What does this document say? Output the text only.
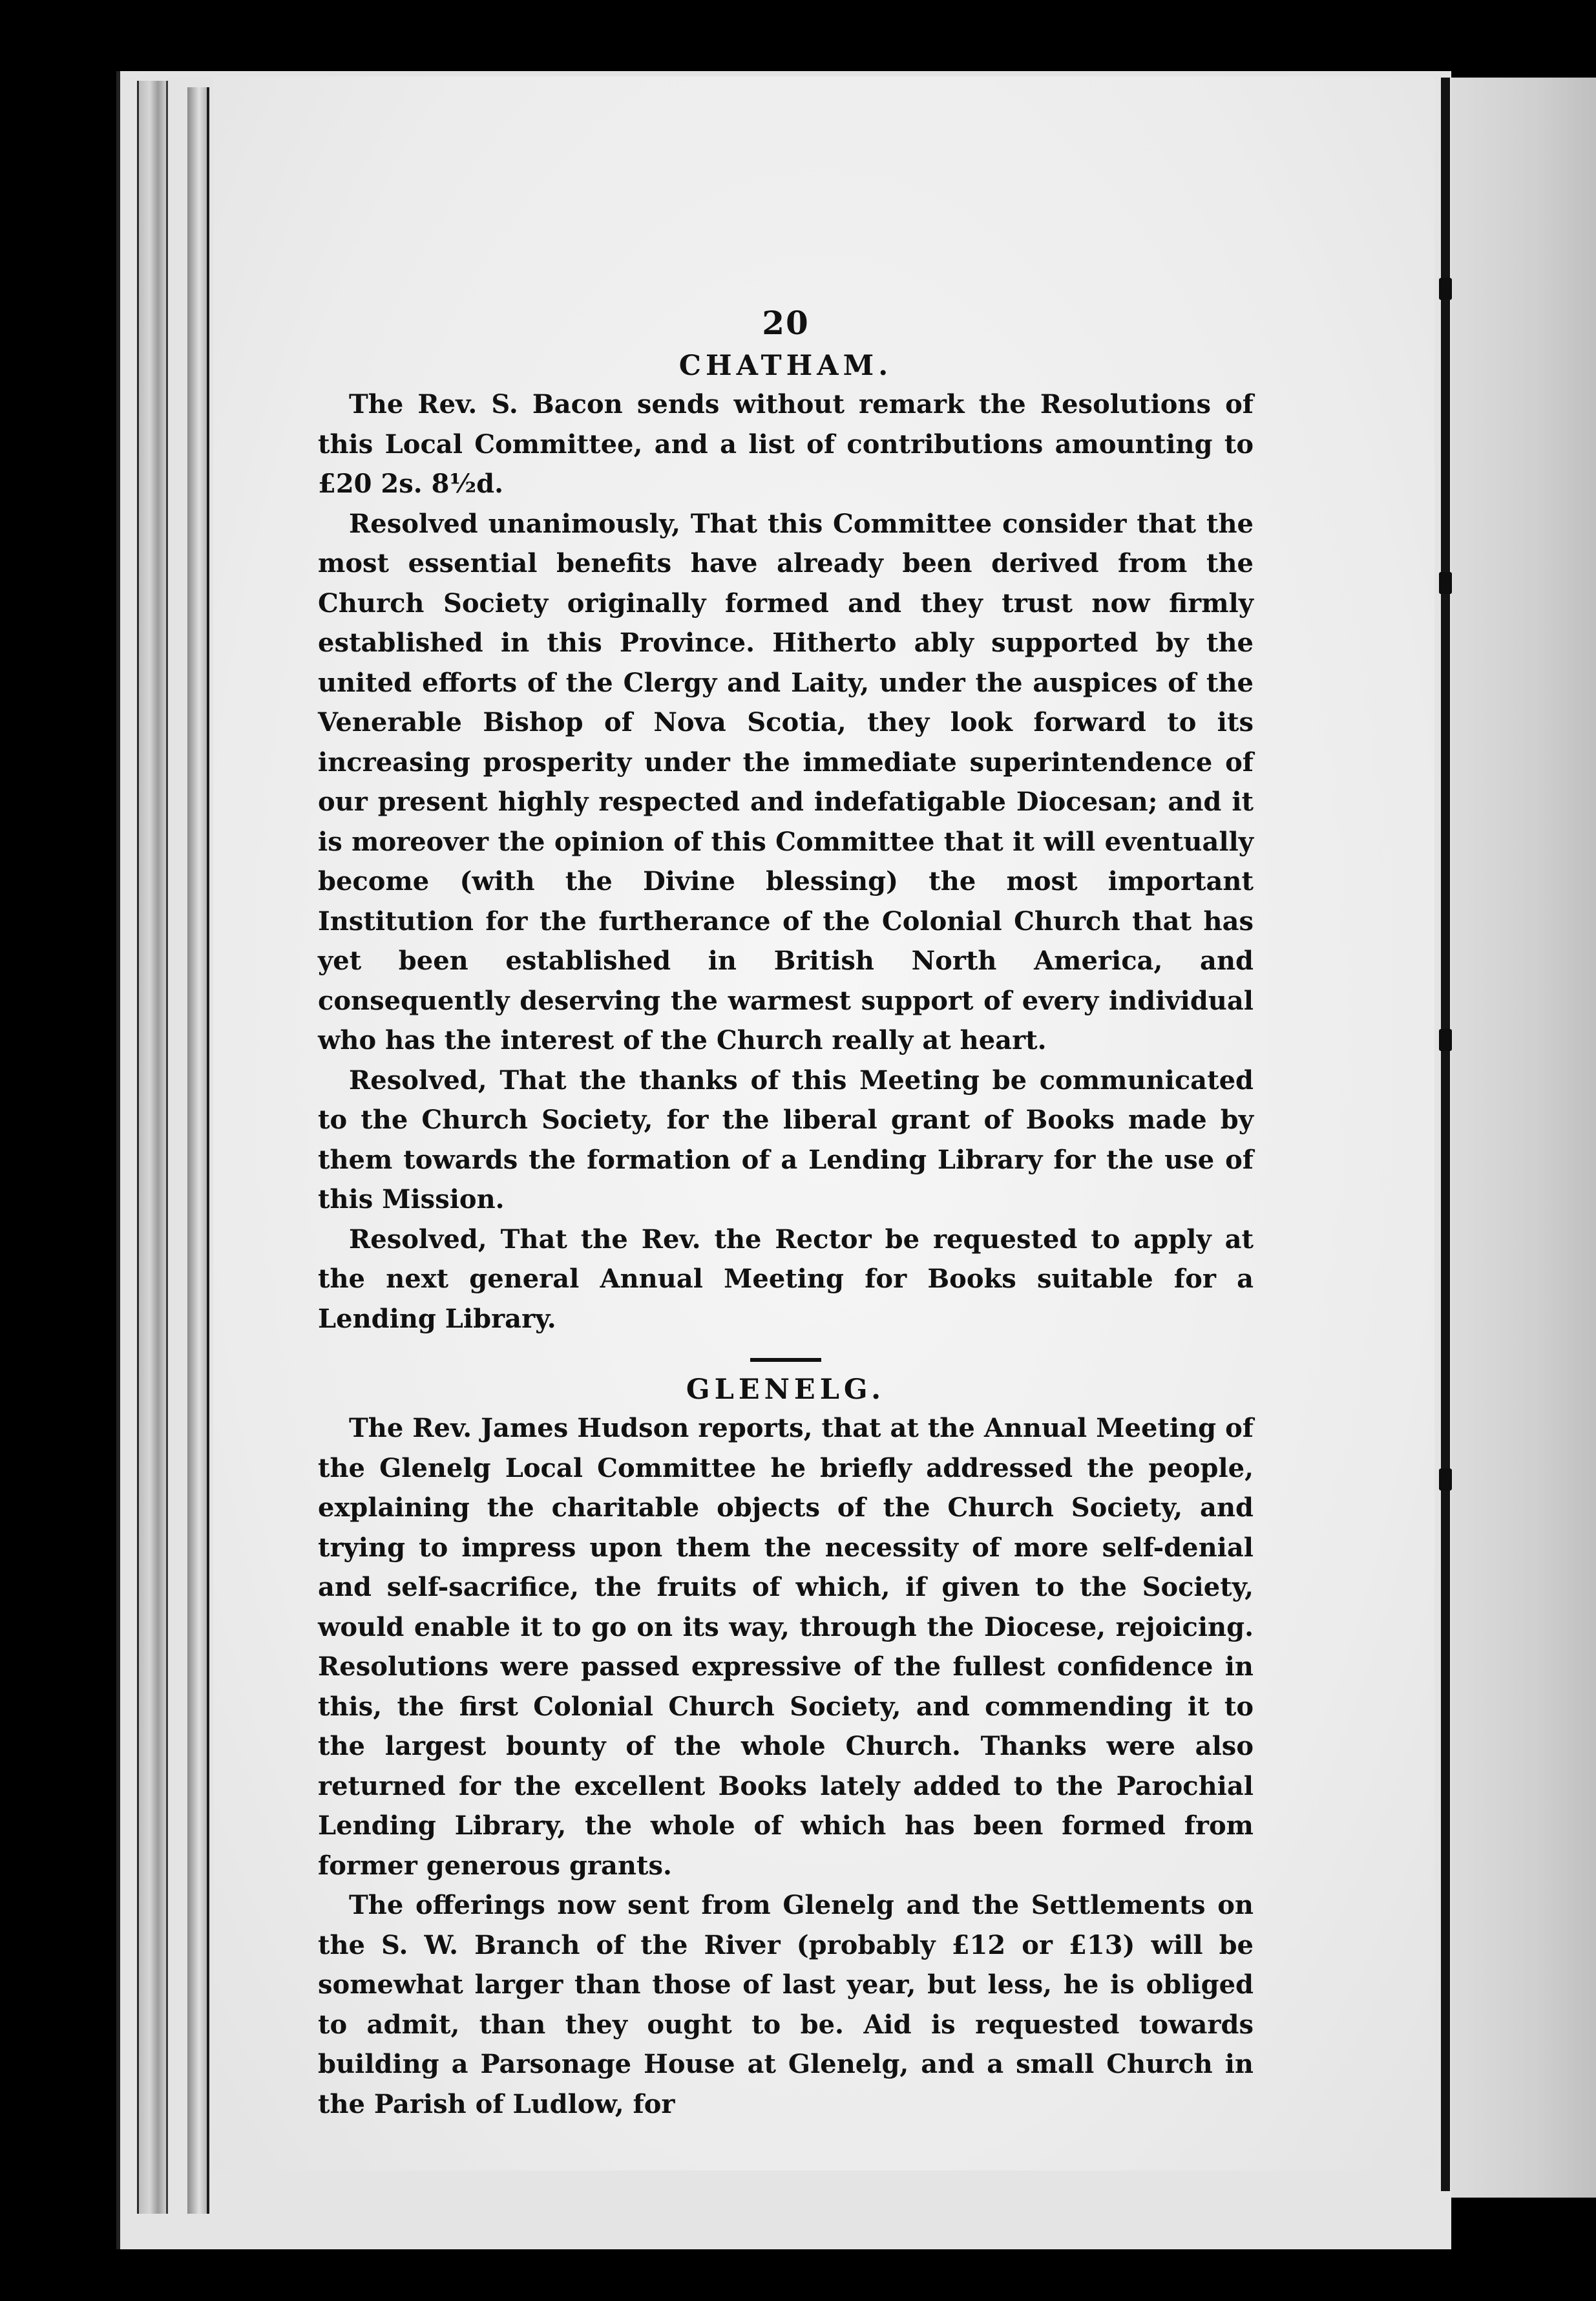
20
CHATHAM.

The Rev. S. Bacon sends without remark the Resolutions of this Local Committee, and a list of contributions amounting to £20 2s. 8½d.

Resolved unanimously, That this Committee consider that the most essential benefits have already been derived from the Church Society originally formed and they trust now firmly established in this Province. Hitherto ably supported by the united efforts of the Clergy and Laity, under the auspices of the Venerable Bishop of Nova Scotia, they look forward to its increasing prosperity under the immediate superintendence of our present highly respected and indefatigable Diocesan; and it is moreover the opinion of this Committee that it will eventually become (with the Divine blessing) the most important Institution for the furtherance of the Colonial Church that has yet been established in British North America, and consequently deserving the warmest support of every individual who has the interest of the Church really at heart.

Resolved, That the thanks of this Meeting be communicated to the Church Society, for the liberal grant of Books made by them towards the formation of a Lending Library for the use of this Mission.

Resolved, That the Rev. the Rector be requested to apply at the next general Annual Meeting for Books suitable for a Lending Library.

GLENELG.

The Rev. James Hudson reports, that at the Annual Meeting of the Glenelg Local Committee he briefly addressed the people, explaining the charitable objects of the Church Society, and trying to impress upon them the necessity of more self-denial and self-sacrifice, the fruits of which, if given to the Society, would enable it to go on its way, through the Diocese, rejoicing. Resolutions were passed expressive of the fullest confidence in this, the first Colonial Church Society, and commending it to the largest bounty of the whole Church. Thanks were also returned for the excellent Books lately added to the Parochial Lending Library, the whole of which has been formed from former generous grants.

The offerings now sent from Glenelg and the Settlements on the S. W. Branch of the River (probably £12 or £13) will be somewhat larger than those of last year, but less, he is obliged to admit, than they ought to be. Aid is requested towards building a Parsonage House at Glenelg, and a small Church in the Parish of Ludlow, for
